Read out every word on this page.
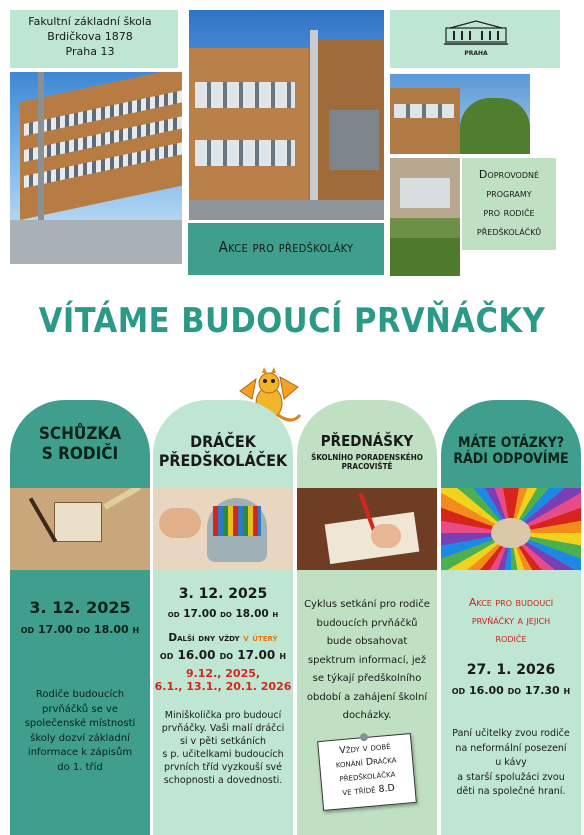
Fakultní základní škola
Brdičkova 1878
Praha 13
Akce pro předškoláky
PRAHA
Doprovodné
programy
pro rodiče
předškoláčků
VÍTÁME BUDOUCÍ PRVŇÁČKY
SCHŮZKA
S RODIČI
3. 12. 2025
od 17.00 do 18.00 h
Rodiče budoucích
prvňáčků se ve
společenské místnosti
školy dozví základní
informace k zápisům
do 1. tříd
DRÁČEK
PŘEDŠKOLÁČEK
3. 12. 2025
od 17.00 do 18.00 h
Další dny vždy v úterý
od 16.00 do 17.00 h
9.12., 2025,
6.1., 13.1., 20.1. 2026
Miniškolička pro budoucí
prvňáčky. Vaši malí dráčci
si v pěti setkáních
s p. učitelkami budoucích
prvních tříd vyzkouší své
schopnosti a dovednosti.
PŘEDNÁŠKY
ŠKOLNÍHO PORADENSKÉHO
PRACOVIŠTĚ
Cyklus setkání pro rodiče
budoucích prvňáčků
bude obsahovat
spektrum informací, jež
se týkají předškolního
období a zahájení školní
docházky.
Vždy v době
konání Dráčka
předškoláčka
ve třídě 8.D
MÁTE OTÁZKY?
RÁDI ODPOVÍME
Akce pro budoucí
prvňáčky a jejich
rodiče
27. 1. 2026
od 16.00 do 17.30 h
Paní učitelky zvou rodiče
na neformální posezení
u kávy
a starší spolužáci zvou
děti na společné hraní.
